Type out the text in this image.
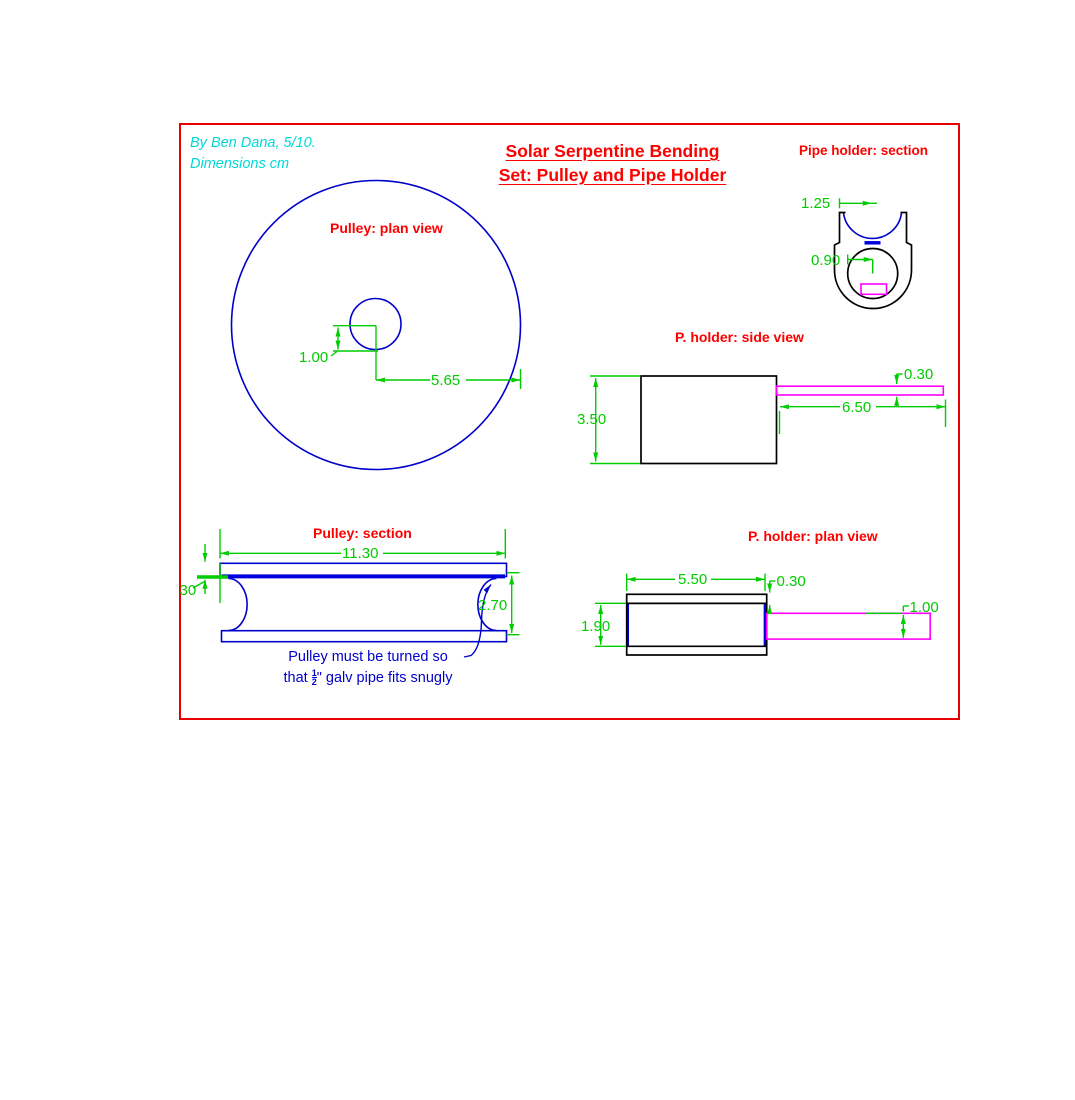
By Ben Dana, 5/10.
Dimensions cm
Solar Serpentine Bending
Set: Pulley and Pipe Holder
Pipe holder: section
Pulley: plan view
P. holder: side view
Pulley: section	P. holder: plan view
1.00
5.65
1.25
0.90
3.50
0.30
6.50
11.30
30
2.70
5.50	0.30
1.90
1.00
Pulley must be turned so
that $\frac{1}{2}$ " galv pipe fits snugly
